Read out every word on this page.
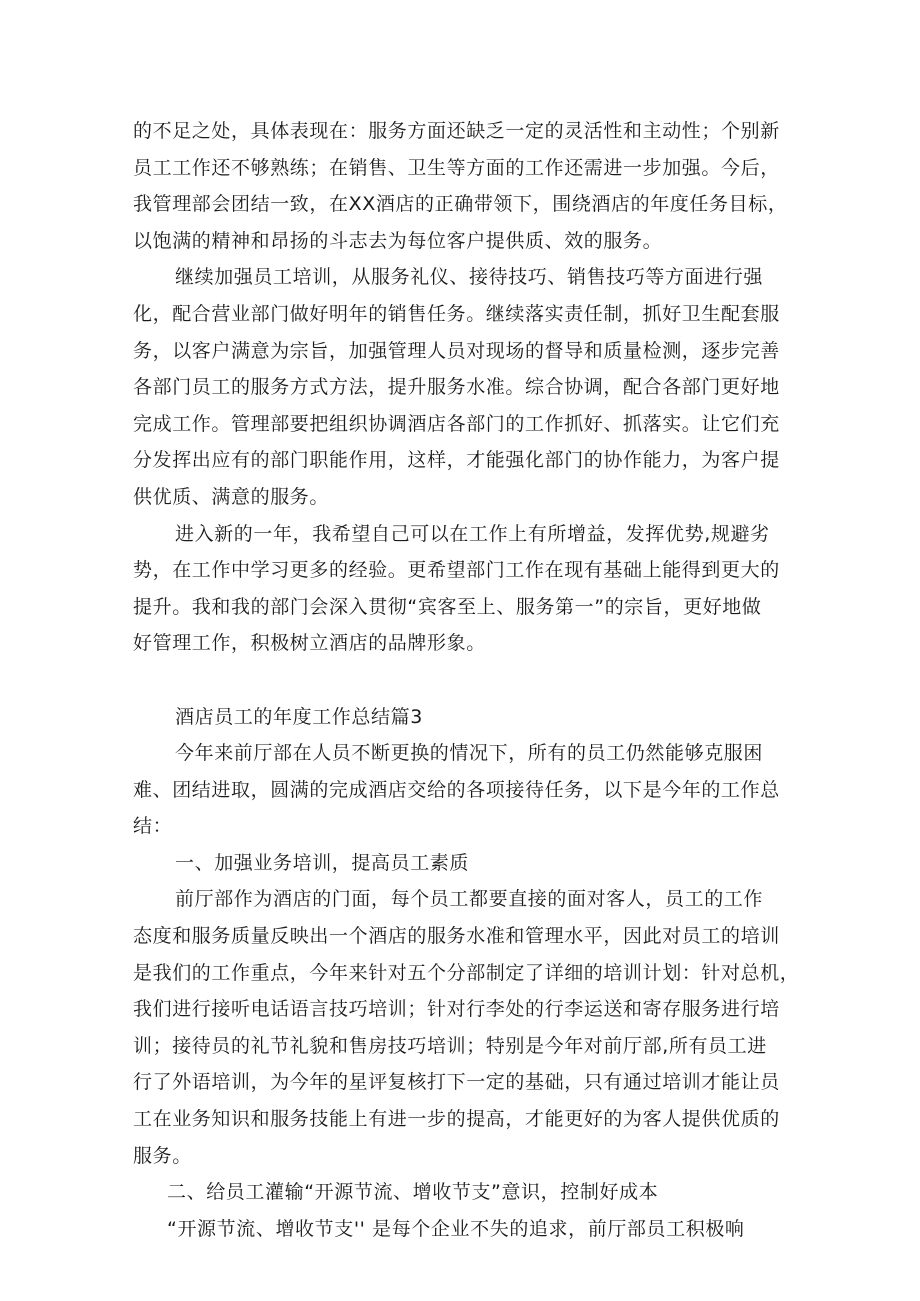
的不足之处，具体表现在：服务方面还缺乏一定的灵活性和主动性；个别新
员工工作还不够熟练；在销售、卫生等方面的工作还需进一步加强。今后，
我管理部会团结一致，在XX酒店的正确带领下，围绕酒店的年度任务目标，
以饱满的精神和昂扬的斗志去为每位客户提供质、效的服务。
继续加强员工培训，从服务礼仪、接待技巧、销售技巧等方面进行强
化，配合营业部门做好明年的销售任务。继续落实责任制，抓好卫生配套服
务，以客户满意为宗旨，加强管理人员对现场的督导和质量检测，逐步完善
各部门员工的服务方式方法，提升服务水准。综合协调，配合各部门更好地
完成工作。管理部要把组织协调酒店各部门的工作抓好、抓落实。让它们充
分发挥出应有的部门职能作用，这样，才能强化部门的协作能力，为客户提
供优质、满意的服务。
进入新的一年，我希望自己可以在工作上有所增益，发挥优势,规避劣
势，在工作中学习更多的经验。更希望部门工作在现有基础上能得到更大的
提升。我和我的部门会深入贯彻“宾客至上、服务第一”的宗旨，更好地做
好管理工作，积极树立酒店的品牌形象。
酒店员工的年度工作总结篇3
今年来前厅部在人员不断更换的情况下，所有的员工仍然能够克服困
难、团结进取，圆满的完成酒店交给的各项接待任务，以下是今年的工作总
结：
一、加强业务培训，提高员工素质
前厅部作为酒店的门面，每个员工都要直接的面对客人，员工的工作
态度和服务质量反映出一个酒店的服务水准和管理水平，因此对员工的培训
是我们的工作重点，今年来针对五个分部制定了详细的培训计划：针对总机，
我们进行接听电话语言技巧培训；针对行李处的行李运送和寄存服务进行培
训；接待员的礼节礼貌和售房技巧培训；特别是今年对前厅部,所有员工进
行了外语培训，为今年的星评复核打下一定的基础，只有通过培训才能让员
工在业务知识和服务技能上有进一步的提高，才能更好的为客人提供优质的
服务。
二、给员工灌输“开源节流、增收节支”意识，控制好成本
“开源节流、增收节支'' 是每个企业不失的追求，前厅部员工积极响
